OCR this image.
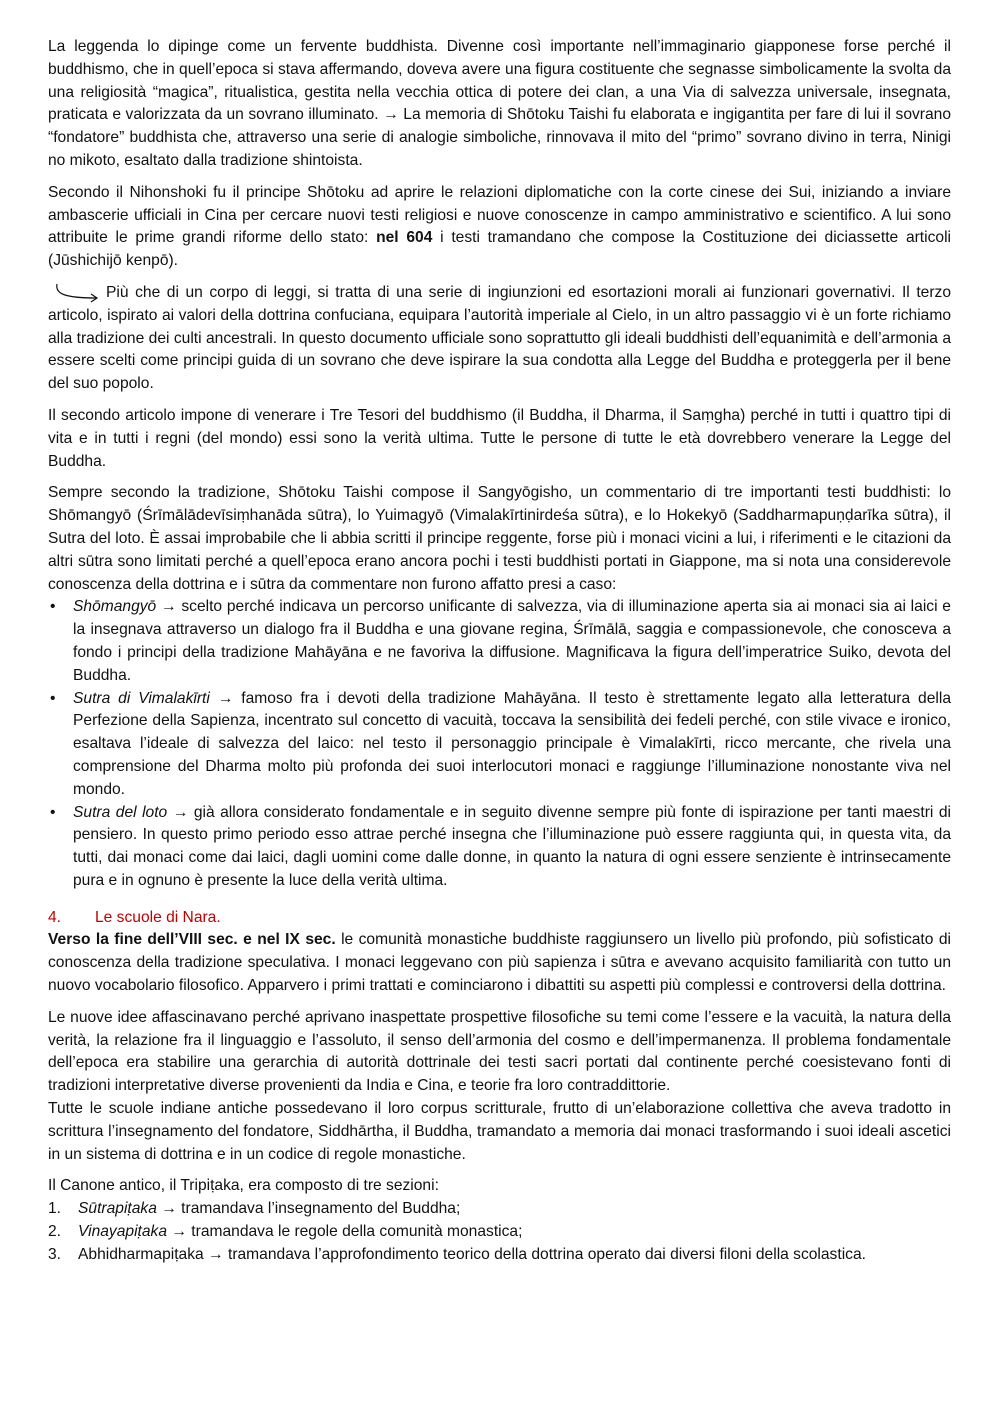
La leggenda lo dipinge come un fervente buddhista. Divenne così importante nell’immaginario giapponese forse perché il buddhismo, che in quell’epoca si stava affermando, doveva avere una figura costituente che segnasse simbolicamente la svolta da una religiosità “magica”, ritualistica, gestita nella vecchia ottica di potere dei clan, a una Via di salvezza universale, insegnata, praticata e valorizzata da un sovrano illuminato. → La memoria di Shōtoku Taishi fu elaborata e ingigantita per fare di lui il sovrano “fondatore” buddhista che, attraverso una serie di analogie simboliche, rinnovava il mito del “primo” sovrano divino in terra, Ninigi no mikoto, esaltato dalla tradizione shintoista.

Secondo il Nihonshoki fu il principe Shōtoku ad aprire le relazioni diplomatiche con la corte cinese dei Sui, iniziando a inviare ambascerie ufficiali in Cina per cercare nuovi testi religiosi e nuove conoscenze in campo amministrativo e scientifico. A lui sono attribuite le prime grandi riforme dello stato: nel 604 i testi tramandano che compose la Costituzione dei diciassette articoli (Jūshichijō kenpō).

Più che di un corpo di leggi, si tratta di una serie di ingiunzioni ed esortazioni morali ai funzionari governativi. Il terzo articolo, ispirato ai valori della dottrina confuciana, equipara l’autorità imperiale al Cielo, in un altro passaggio vi è un forte richiamo alla tradizione dei culti ancestrali. In questo documento ufficiale sono soprattutto gli ideali buddhisti dell’equanimità e dell’armonia a essere scelti come principi guida di un sovrano che deve ispirare la sua condotta alla Legge del Buddha e proteggerla per il bene del suo popolo.

Il secondo articolo impone di venerare i Tre Tesori del buddhismo (il Buddha, il Dharma, il Saṃgha) perché in tutti i quattro tipi di vita e in tutti i regni (del mondo) essi sono la verità ultima. Tutte le persone di tutte le età dovrebbero venerare la Legge del Buddha.

Sempre secondo la tradizione, Shōtoku Taishi compose il Sangyōgisho, un commentario di tre importanti testi buddhisti: lo Shōmangyō (Śrīmālādevīsiṃhanāda sūtra), lo Yuimagyō (Vimalakīrtinirdeśa sūtra), e lo Hokekyō (Saddharmapuṇḍarīka sūtra), il Sutra del loto. È assai improbabile che li abbia scritti il principe reggente, forse più i monaci vicini a lui, i riferimenti e le citazioni da altri sūtra sono limitati perché a quell’epoca erano ancora pochi i testi buddhisti portati in Giappone, ma si nota una considerevole conoscenza della dottrina e i sūtra da commentare non furono affatto presi a caso:

• Shōmangyō → scelto perché indicava un percorso unificante di salvezza, via di illuminazione aperta sia ai monaci sia ai laici e la insegnava attraverso un dialogo fra il Buddha e una giovane regina, Śrīmālā, saggia e compassionevole, che conosceva a fondo i principi della tradizione Mahāyāna e ne favoriva la diffusione. Magnificava la figura dell’imperatrice Suiko, devota del Buddha.
• Sutra di Vimalakīrti → famoso fra i devoti della tradizione Mahāyāna. Il testo è strettamente legato alla letteratura della Perfezione della Sapienza, incentrato sul concetto di vacuità, toccava la sensibilità dei fedeli perché, con stile vivace e ironico, esaltava l’ideale di salvezza del laico: nel testo il personaggio principale è Vimalakīrti, ricco mercante, che rivela una comprensione del Dharma molto più profonda dei suoi interlocutori monaci e raggiunge l’illuminazione nonostante viva nel mondo.
• Sutra del loto → già allora considerato fondamentale e in seguito divenne sempre più fonte di ispirazione per tanti maestri di pensiero. In questo primo periodo esso attrae perché insegna che l’illuminazione può essere raggiunta qui, in questa vita, da tutti, dai monaci come dai laici, dagli uomini come dalle donne, in quanto la natura di ogni essere senziente è intrinsecamente pura e in ognuno è presente la luce della verità ultima.
4. Le scuole di Nara.

Verso la fine dell’VIII sec. e nel IX sec. le comunità monastiche buddhiste raggiunsero un livello più profondo, più sofisticato di conoscenza della tradizione speculativa. I monaci leggevano con più sapienza i sūtra e avevano acquisito familiarità con tutto un nuovo vocabolario filosofico. Apparvero i primi trattati e cominciarono i dibattiti su aspetti più complessi e controversi della dottrina.

Le nuove idee affascinavano perché aprivano inaspettate prospettive filosofiche su temi come l’essere e la vacuità, la natura della verità, la relazione fra il linguaggio e l’assoluto, il senso dell’armonia del cosmo e dell’impermanenza. Il problema fondamentale dell’epoca era stabilire una gerarchia di autorità dottrinale dei testi sacri portati dal continente perché coesistevano fonti di tradizioni interpretative diverse provenienti da India e Cina, e teorie fra loro contraddittorie.

Tutte le scuole indiane antiche possedevano il loro corpus scritturale, frutto di un’elaborazione collettiva che aveva tradotto in scrittura l’insegnamento del fondatore, Siddhārtha, il Buddha, tramandato a memoria dai monaci trasformando i suoi ideali ascetici in un sistema di dottrina e in un codice di regole monastiche.

Il Canone antico, il Tripiṭaka, era composto di tre sezioni:

1. Sūtrapiṭaka → tramandava l’insegnamento del Buddha;
2. Vinayapiṭaka → tramandava le regole della comunità monastica;
3. Abhidharmapiṭaka → tramandava l’approfondimento teorico della dottrina operato dai diversi filoni della scolastica.
